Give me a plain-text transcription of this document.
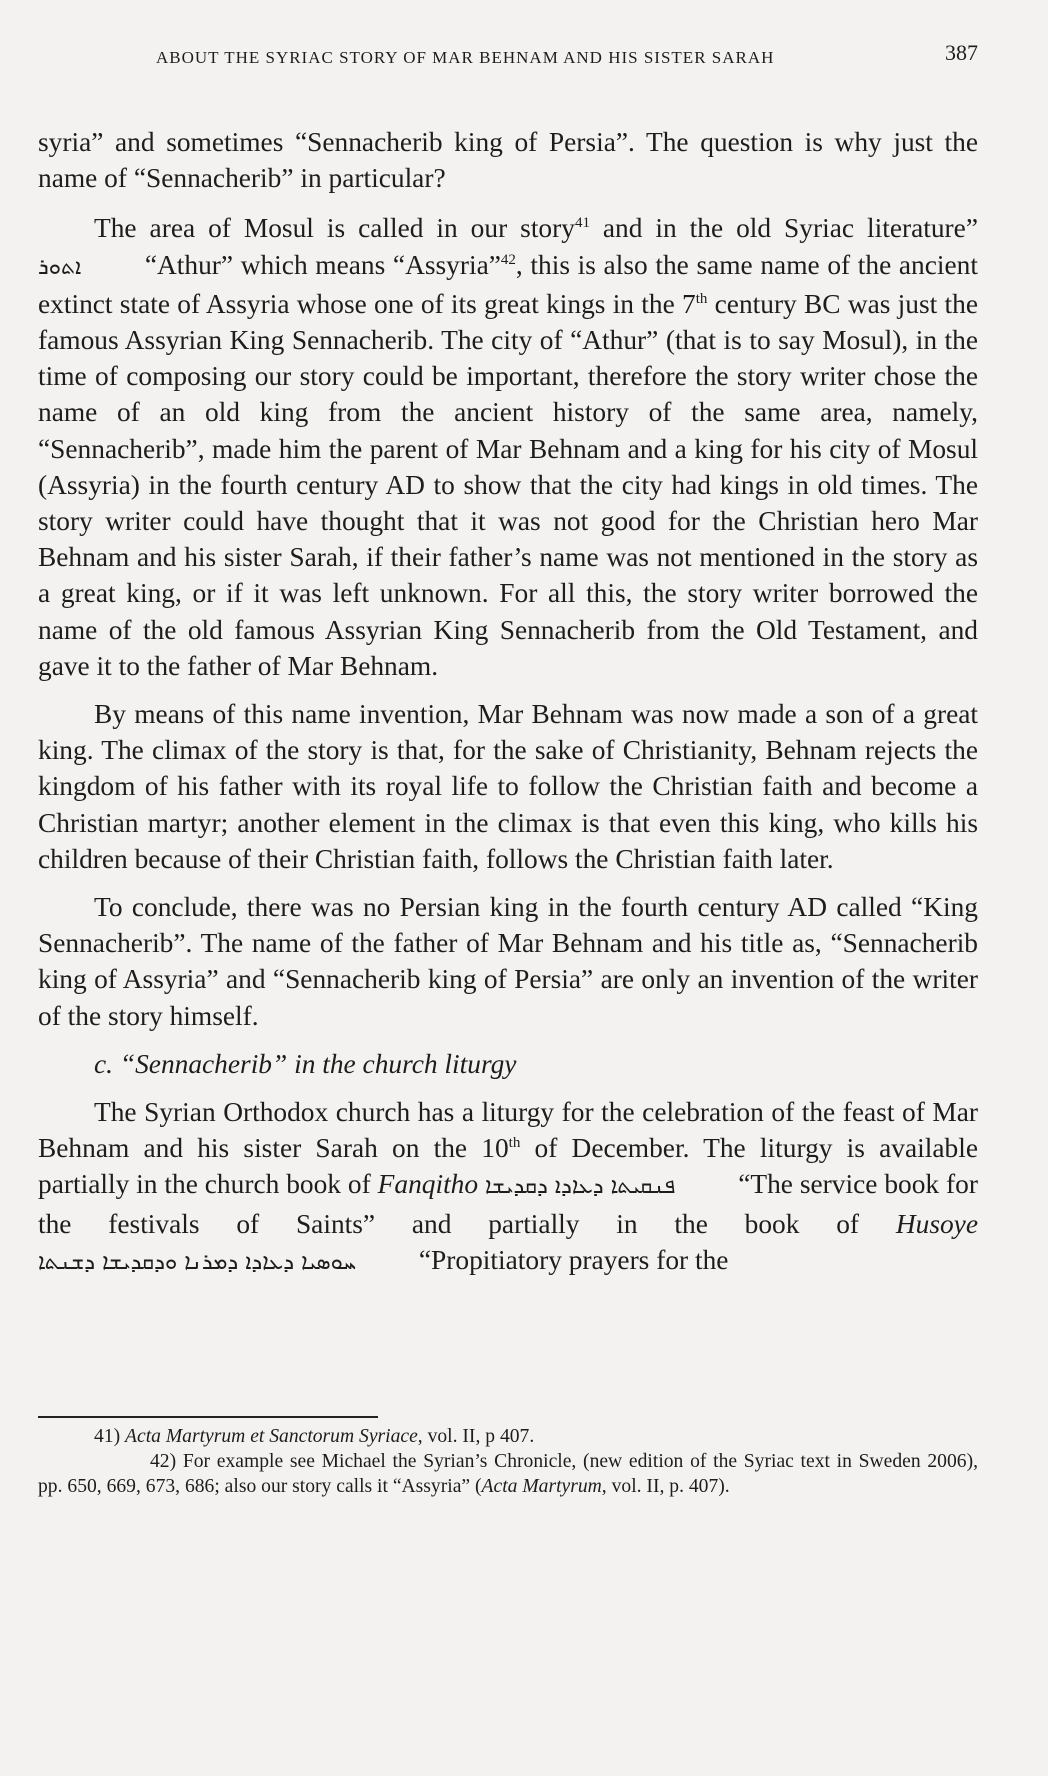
ABOUT THE SYRIAC STORY OF MAR BEHNAM AND HIS SISTER SARAH	387

syria” and sometimes “Sennacherib king of Persia”. The question is why just the name of “Sennacherib” in particular?

The area of Mosul is called in our story$^{41}$ and in the old Syriac literature” ܐܬܘܪ “Athur” which means “Assyria”$^{42}$, this is also the same name of the ancient extinct state of Assyria whose one of its great kings in the 7th century BC was just the famous Assyrian King Sennacherib. The city of “Athur” (that is to say Mosul), in the time of composing our story could be important, therefore the story writer chose the name of an old king from the ancient history of the same area, namely, “Sennacherib”, made him the parent of Mar Behnam and a king for his city of Mosul (Assyria) in the fourth century AD to show that the city had kings in old times. The story writer could have thought that it was not good for the Christian hero Mar Behnam and his sister Sarah, if their father’s name was not mentioned in the story as a great king, or if it was left unknown. For all this, the story writer borrowed the name of the old famous Assyrian King Sennacherib from the Old Testament, and gave it to the father of Mar Behnam.

By means of this name invention, Mar Behnam was now made a son of a great king. The climax of the story is that, for the sake of Christianity, Behnam rejects the kingdom of his father with its royal life to follow the Christian faith and become a Christian martyr; another element in the climax is that even this king, who kills his children because of their Christian faith, follows the Christian faith later.

To conclude, there was no Persian king in the fourth century AD called “King Sennacherib”. The name of the father of Mar Behnam and his title as, “Sennacherib king of Assyria” and “Sennacherib king of Persia” are only an invention of the writer of the story himself.

c. “Sennacherib” in the church liturgy

The Syrian Orthodox church has a liturgy for the celebration of the feast of Mar Behnam and his sister Sarah on the 10th of December. The liturgy is available partially in the church book of Fanqitho ܦܢܩܝܬܐ ܕܥܐܕܐ ܕܩܕܝܫܐ “The service book for the festivals of Saints” and partially in the book of Husoye ܚܘܣܝܐ ܕܥܐܕܐ ܕܡܪܢܐ ܘܕܩܕܝܫܐ ܕܫܢܬܐ “Propitiatory prayers for the

41) Acta Martyrum et Sanctorum Syriace, vol. II, p 407.

42) For example see Michael the Syrian’s Chronicle, (new edition of the Syriac text in Sweden 2006), pp. 650, 669, 673, 686; also our story calls it “Assyria” (Acta Martyrum, vol. II, p. 407).
